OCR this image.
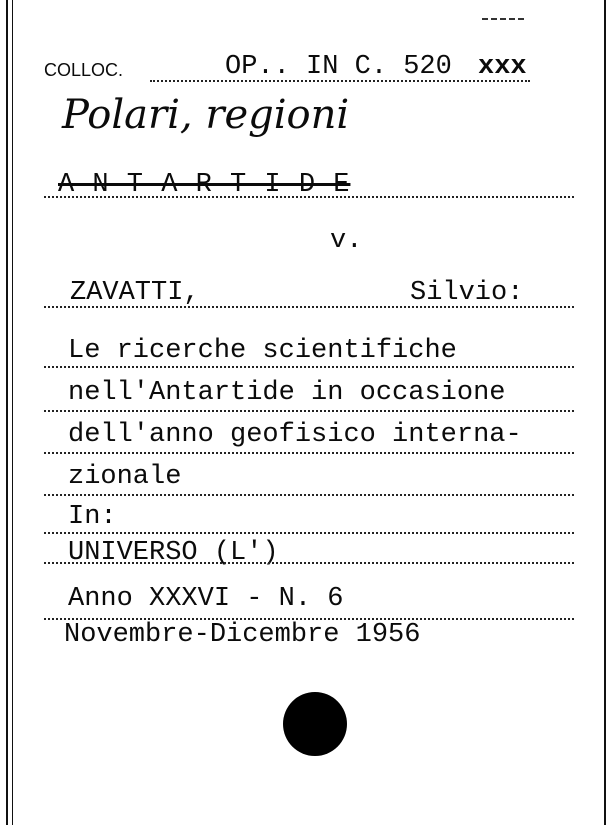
COLLOC.	OP.. IN C. 520 xxx
Polari, regioni
A N T A R T I D E
v.
ZAVATTI,	Silvio:
Le ricerche scientifiche
nell'Antartide in occasione
dell'anno geofisico interna-
zionale
In:
UNIVERSO (L')
Anno XXXVI - N. 6
Novembre-Dicembre 1956
